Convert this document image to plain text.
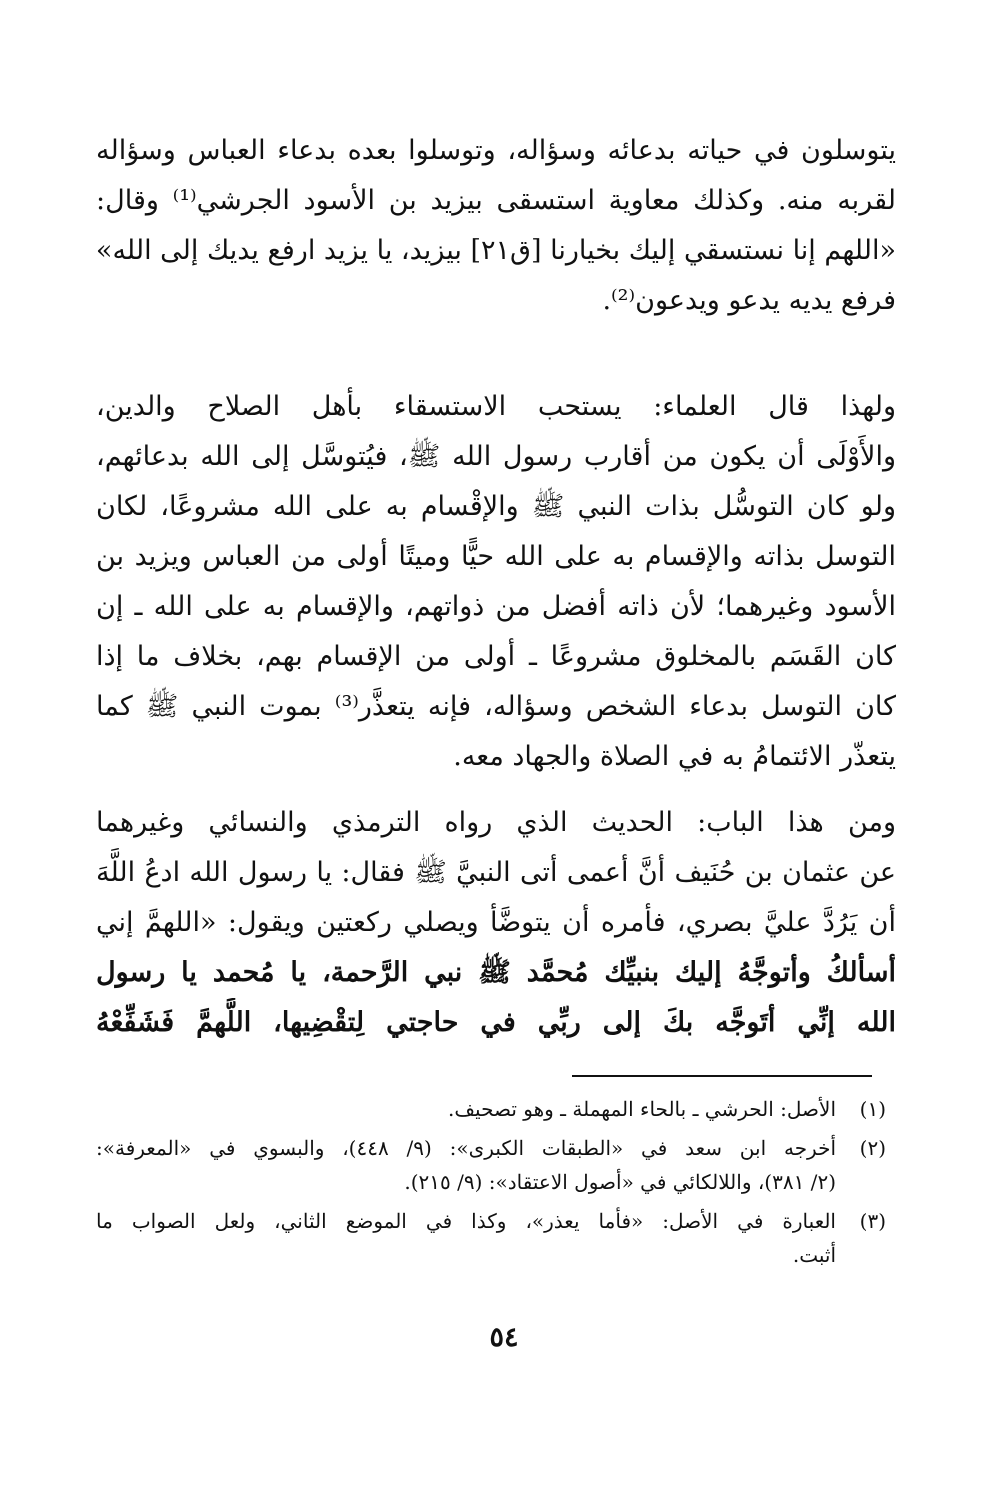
يتوسلون في حياته بدعائه وسؤاله، وتوسلوا بعده بدعاء العباس وسؤاله
لقربه منه. وكذلك معاوية استسقى بيزيد بن الأسود الجرشي⁽¹⁾ وقال:
«اللهم إنا نستسقي إليك بخيارنا [ق٢١] بيزيد، يا يزيد ارفع يديك إلى الله»
فرفع يديه يدعو ويدعون⁽²⁾.
ولهذا قال العلماء: يستحب الاستسقاء بأهل الصلاح والدين،
والأَوْلَى أن يكون من أقارب رسول الله ﷺ، فيُتوسَّل إلى الله بدعائهم،
ولو كان التوسُّل بذات النبي ﷺ والإقْسام به على الله مشروعًا، لكان
التوسل بذاته والإقسام به على الله حيًّا وميتًا أولى من العباس ويزيد بن
الأسود وغيرهما؛ لأن ذاته أفضل من ذواتهم، والإقسام به على الله ـ إن
كان القَسَم بالمخلوق مشروعًا ـ أولى من الإقسام بهم، بخلاف ما إذا
كان التوسل بدعاء الشخص وسؤاله، فإنه يتعذَّر⁽³⁾ بموت النبي ﷺ كما
يتعذّر الائتمامُ به في الصلاة والجهاد معه.
ومن هذا الباب: الحديث الذي رواه الترمذي والنسائي وغيرهما
عن عثمان بن حُنَيف أنَّ أعمى أتى النبيَّ ﷺ فقال: يا رسول الله ادعُ اللَّهَ
أن يَرُدَّ عليَّ بصري، فأمره أن يتوضَّأ ويصلي ركعتين ويقول: «اللهمَّ إني
أسألكُ وأتوجَّهُ إليك بنبيِّك مُحمَّد ﷺ نبي الرَّحمة، يا مُحمد يا رسول
الله إنِّي أتَوجَّه بكَ إلى ربِّي في حاجتي لِتقْضِيها، اللَّهمَّ فَشَفِّعْهُ
(١)
الأصل: الحرشي ـ بالحاء المهملة ـ وهو تصحيف.
(٢)
أخرجه ابن سعد في «الطبقات الكبرى»: (٩/ ٤٤٨)، والبسوي في «المعرفة»:
(٢/ ٣٨١)، واللالكائي في «أصول الاعتقاد»: (٩/ ٢١٥).
(٣)
العبارة في الأصل: «فأما يعذر»، وكذا في الموضع الثاني، ولعل الصواب ما
أثبت.
٥٤
